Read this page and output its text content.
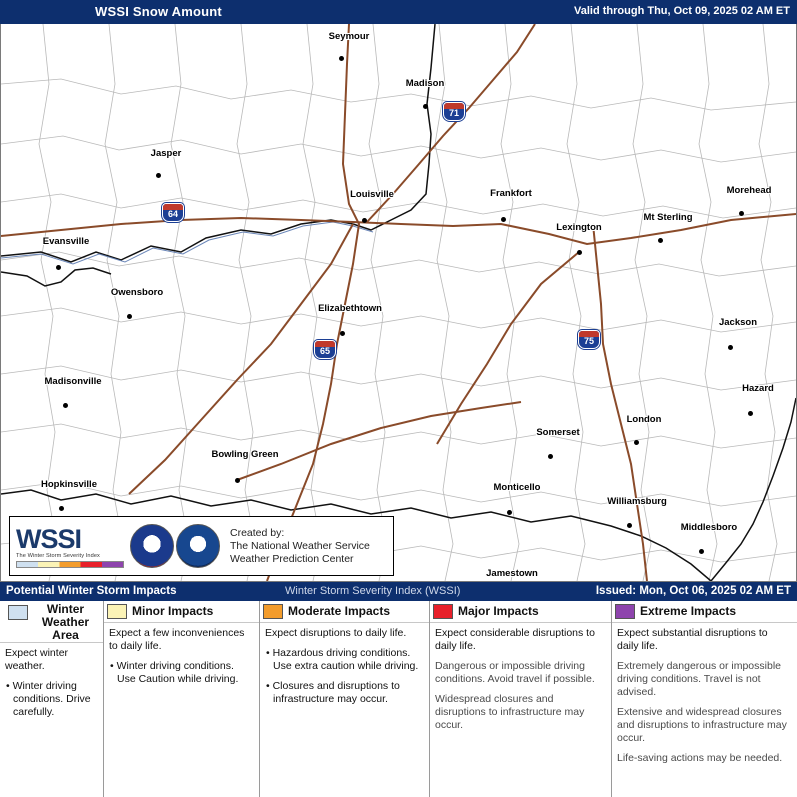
WSSI Snow Amount	Valid through Thu, Oct 09, 2025 02 AM ET
Seymour
Madison
Jasper
Louisville	Frankfort	Morehead
Evansville
Lexington
Mt Sterling
Owensboro
Elizabethtown
Jackson
Madisonville
Hazard
Somerset
London
Bowling Green
Hopkinsville	Monticello
Williamsburg
Middlesboro
Jamestown
71
64
65
75
WSSI
The Winter Storm Severity Index
Created by:
The National Weather Service
Weather Prediction Center
Potential Winter Storm Impacts	Winter Storm Severity Index (WSSI)	Issued: Mon, Oct 06, 2025 02 AM ET
Winter Weather Area

Expect winter weather.

• Winter driving conditions. Drive carefully.

Minor Impacts

Expect a few inconveniences to daily life.

• Winter driving conditions. Use Caution while driving.

Moderate Impacts

Expect disruptions to daily life.

• Hazardous driving conditions. Use extra caution while driving.

• Closures and disruptions to infrastructure may occur.

Major Impacts

Expect considerable disruptions to daily life.

Dangerous or impossible driving conditions. Avoid travel if possible.

Widespread closures and disruptions to infrastructure may occur.

Extreme Impacts

Expect substantial disruptions to daily life.

Extremely dangerous or impossible driving conditions. Travel is not advised.

Extensive and widespread closures and disruptions to infrastructure may occur.

Life-saving actions may be needed.
